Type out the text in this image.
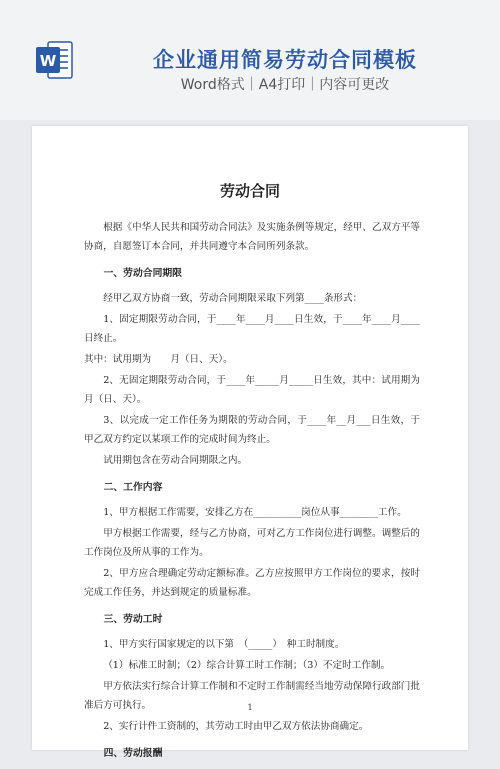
W	企业通用简易劳动合同模板
Word格式｜A4打印｜内容可更改
劳动合同

根据《中华人民共和国劳动合同法》及实施条例等规定，经甲、乙双方平等协商，自愿签订本合同，并共同遵守本合同所列条款。

一、劳动合同期限

经甲乙双方协商一致，劳动合同期限采取下列第____条形式：

1、固定期限劳动合同，于____年____月____日生效，于____年____月____日终止。

其中：试用期为　　月（日、天）。

2、无固定期限劳动合同，于____年_____月_____日生效，其中：试用期为月（日、天）。

3、以完成一定工作任务为期限的劳动合同，于____年__月___日生效，于甲乙双方约定以某项工作的完成时间为终止。

试用期包含在劳动合同期限之内。

二、工作内容

1、甲方根据工作需要，安排乙方在__________岗位从事________工作。

甲方根据工作需要，经与乙方协商，可对乙方工作岗位进行调整。调整后的工作岗位及所从事的工作为。

2、甲方应合理确定劳动定额标准。乙方应按照甲方工作岗位的要求，按时完成工作任务，并达到规定的质量标准。

三、劳动工时

1、甲方实行国家规定的以下第　（_____）　种工时制度。

（1）标准工时制；（2）综合计算工时工作制；（3）不定时工作制。

甲方依法实行综合计算工作制和不定时工作制需经当地劳动保障行政部门批准后方可执行。

2、实行计件工资制的，其劳动工时由甲乙双方依法协商确定。

四、劳动报酬
1
